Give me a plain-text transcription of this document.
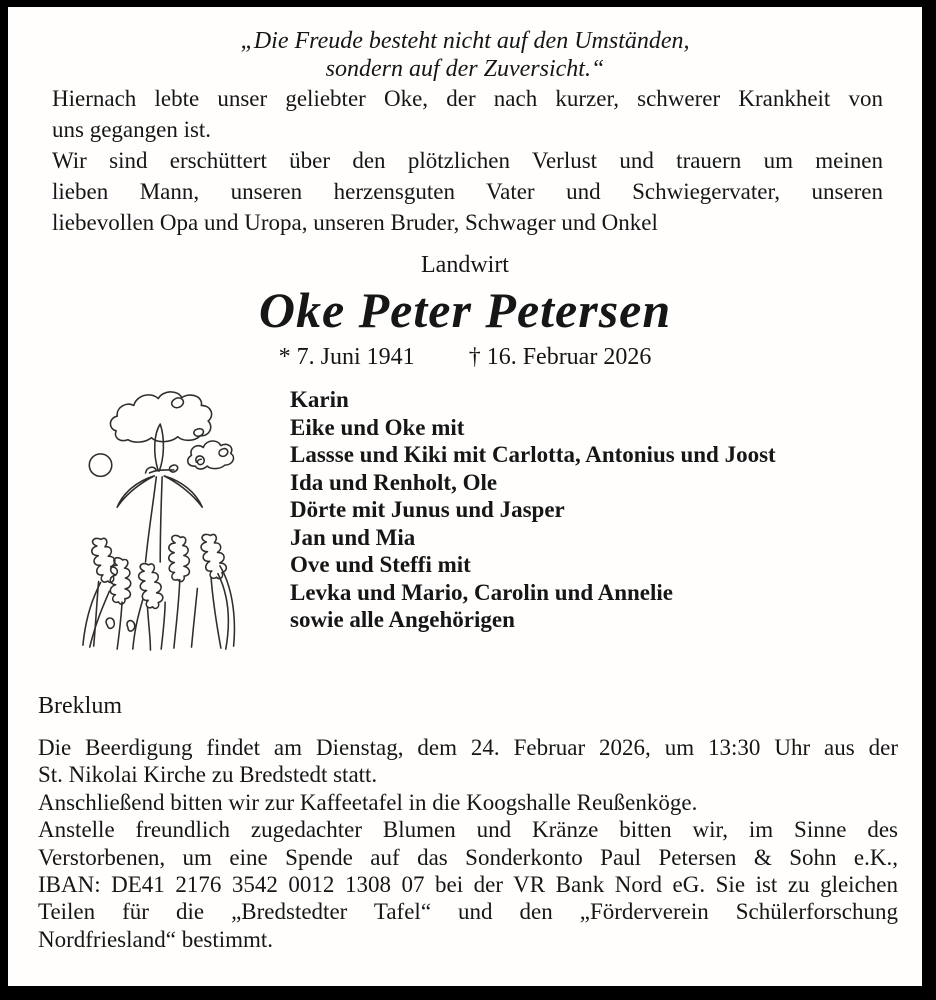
„Die Freude besteht nicht auf den Umständen,
sondern auf der Zuversicht.“
Hiernach lebte unser geliebter Oke, der nach kurzer, schwerer Krankheit von
uns gegangen ist.
Wir sind erschüttert über den plötzlichen Verlust und trauern um meinen
lieben Mann, unseren herzensguten Vater und Schwiegervater, unseren
liebevollen Opa und Uropa, unseren Bruder, Schwager und Onkel
Landwirt
Oke Peter Petersen
* 7. Juni 1941 † 16. Februar 2026
Karin
Eike und Oke mit
Lassse und Kiki mit Carlotta, Antonius und Joost
Ida und Renholt, Ole
Dörte mit Junus und Jasper
Jan und Mia
Ove und Steffi mit
Levka und Mario, Carolin und Annelie
sowie alle Angehörigen
Breklum
Die Beerdigung findet am Dienstag, dem 24. Februar 2026, um 13:30 Uhr aus der
St. Nikolai Kirche zu Bredstedt statt.
Anschließend bitten wir zur Kaffeetafel in die Koogshalle Reußenköge.
Anstelle freundlich zugedachter Blumen und Kränze bitten wir, im Sinne des
Verstorbenen, um eine Spende auf das Sonderkonto Paul Petersen & Sohn e.K.,
IBAN: DE41 2176 3542 0012 1308 07 bei der VR Bank Nord eG. Sie ist zu gleichen
Teilen für die „Bredstedter Tafel“ und den „Förderverein Schülerforschung
Nordfriesland“ bestimmt.
